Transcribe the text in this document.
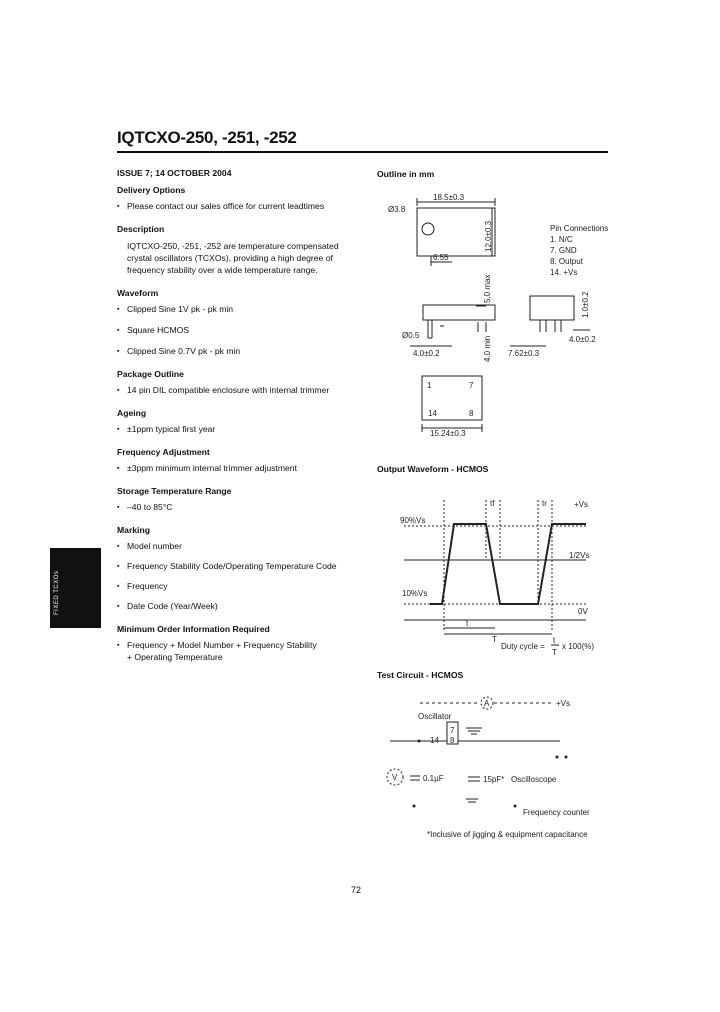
IQTCXO-250, -251, -252
ISSUE 7; 14 OCTOBER 2004
Delivery Options
▪ Please contact our sales office for current leadtimes
Description
IQTCXO-250, -251, -252 are temperature compensated crystal oscillators (TCXOs), providing a high degree of frequency stability over a wide temperature range.
Waveform
▪ Clipped Sine 1V pk - pk min
▪ Square HCMOS
▪ Clipped Sine 0.7V pk - pk min
Package Outline
▪ 14 pin DIL compatible enclosure with internal trimmer
Ageing
▪ ±1ppm typical first year
Frequency Adjustment
▪ ±3ppm minimum internal trimmer adjustment
Storage Temperature Range
▪ –40 to 85°C
Marking
▪ Model number
▪ Frequency Stability Code/Operating Temperature Code
▪ Frequency
▪ Date Code (Year/Week)
Minimum Order Information Required
▪ Frequency + Model Number + Frequency Stability
+ Operating Temperature
FIXED TCXOs
Outline in mm
Output Waveform - HCMOS
Test Circuit - HCMOS
18.5±0.3
Ø3.8
6.55
12.0±0.3	Pin Connections
1. N/C
7. GND
8. Output
14. +Vs
5.0 max
4.0 min
Ø0.5
4.0±0.2
1.0±0.2
7.62±0.3
4.0±0.2
1	7
14	8
15.24±0.3
+Vs
90%Vs
1/2Vs
10%Vs
0V
tf	tr
t
T
Duty cycle =
t
T
x 100(%)
A	+Vs
Oscillator
7
14 8
V	0.1μF	15pF* Oscilloscope
Frequency counter
*Inclusive of jigging & equipment capacitance
72
